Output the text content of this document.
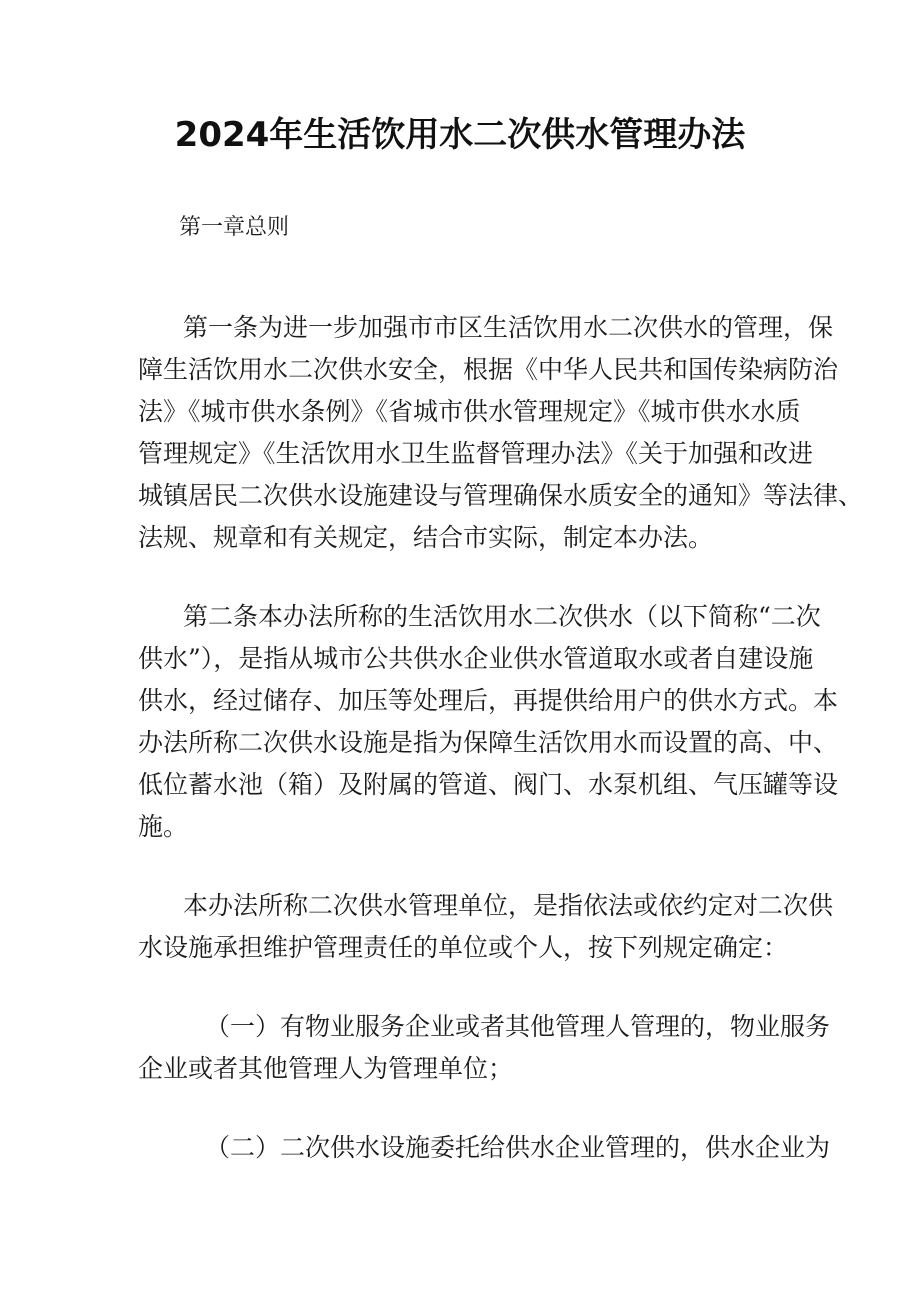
2024年生活饮用水二次供水管理办法

第一章总则

第一条为进一步加强市市区生活饮用水二次供水的管理，保

障生活饮用水二次供水安全，根据《中华人民共和国传染病防治

法》《城市供水条例》《省城市供水管理规定》《城市供水水质

管理规定》《生活饮用水卫生监督管理办法》《关于加强和改进

城镇居民二次供水设施建设与管理确保水质安全的通知》等法律、

法规、规章和有关规定，结合市实际，制定本办法。

第二条本办法所称的生活饮用水二次供水（以下简称“二次

供水”），是指从城市公共供水企业供水管道取水或者自建设施

供水，经过储存、加压等处理后，再提供给用户的供水方式。本

办法所称二次供水设施是指为保障生活饮用水而设置的高、中、

低位蓄水池（箱）及附属的管道、阀门、水泵机组、气压罐等设

施。

本办法所称二次供水管理单位，是指依法或依约定对二次供

水设施承担维护管理责任的单位或个人，按下列规定确定：

（一）有物业服务企业或者其他管理人管理的，物业服务

企业或者其他管理人为管理单位；

（二）二次供水设施委托给供水企业管理的，供水企业为
